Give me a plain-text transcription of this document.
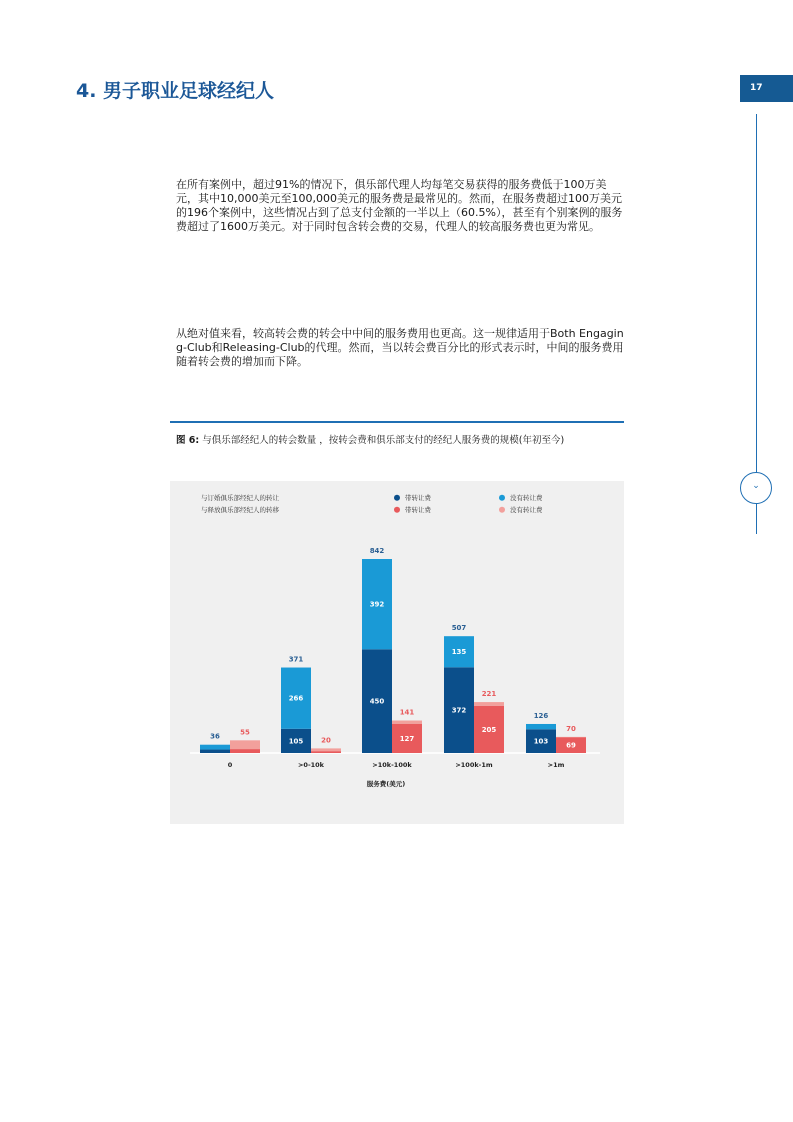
4. 男子职业足球经纪人	17
⌄

在所有案例中，超过91%的情况下，俱乐部代理人均每笔交易获得的服务费低于100万美元，其中10,000美元至100,000美元的服务费是最常见的。然而，在服务费超过100万美元的196个案例中，这些情况占到了总支付金额的一半以上（60.5%），甚至有个别案例的服务费超过了1600万美元。对于同时包含转会费的交易，代理人的较高服务费也更为常见。

从绝对值来看，较高转会费的转会中中间的服务费用也更高。这一规律适用于Both Engaging-Club和Releasing-Club的代理。然而，当以转会费百分比的形式表示时，中间的服务费用随着转会费的增加而下降。

图 6: 与俱乐部经纪人的转会数量 ，按转会费和俱乐部支付的经纪人服务费的规模(年初至今)
与订婚俱乐部经纪人的转让	带转让费	没有转让费
与释放俱乐部经纪人的转移	带转让费	没有转让费
36
55
0
105
266
371
20
>0-10k
450
392
842
127
141
>10k-100k
372
135
507
205
221
>100k-1m
103
126
69
70
>1m
服务费(美元)
